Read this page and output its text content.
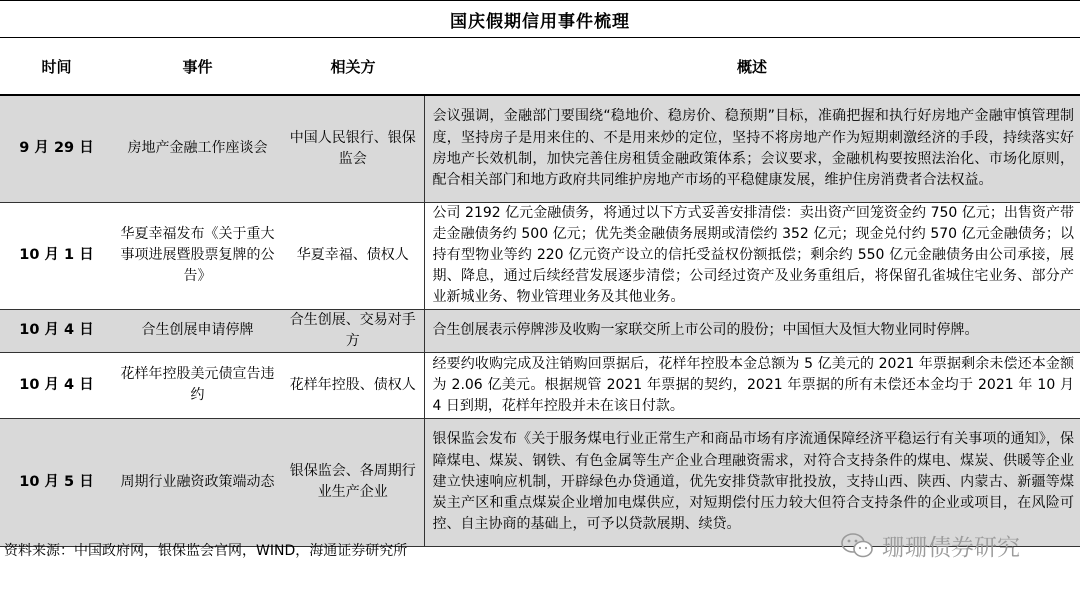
国庆假期信用事件梳理
时间	事件	相关方	概述
9 月 29 日	房地产金融工作座谈会	中国人民银行、银保监会	会议强调，金融部门要围绕“稳地价、稳房价、稳预期”目标，准确把握和执行好房地产金融审慎管理制度，坚持房子是用来住的、不是用来炒的定位，坚持不将房地产作为短期刺激经济的手段，持续落实好房地产长效机制，加快完善住房租赁金融政策体系；会议要求，金融机构要按照法治化、市场化原则，配合相关部门和地方政府共同维护房地产市场的平稳健康发展，维护住房消费者合法权益。
10 月 1 日	华夏幸福发布《关于重大事项进展暨股票复牌的公告》	华夏幸福、债权人	公司 2192 亿元金融债务，将通过以下方式妥善安排清偿：卖出资产回笼资金约 750 亿元；出售资产带走金融债务约 500 亿元；优先类金融债务展期或清偿约 352 亿元；现金兑付约 570 亿元金融债务；以持有型物业等约 220 亿元资产设立的信托受益权份额抵偿；剩余约 550 亿元金融债务由公司承接，展期、降息，通过后续经营发展逐步清偿；公司经过资产及业务重组后，将保留孔雀城住宅业务、部分产业新城业务、物业管理业务及其他业务。
10 月 4 日	合生创展申请停牌	合生创展、交易对手方	合生创展表示停牌涉及收购一家联交所上市公司的股份；中国恒大及恒大物业同时停牌。
10 月 4 日	花样年控股美元债宣告违约	花样年控股、债权人	经要约收购完成及注销购回票据后，花样年控股本金总额为 5 亿美元的 2021 年票据剩余未偿还本金额为 2.06 亿美元。根据规管 2021 年票据的契约，2021 年票据的所有未偿还本金均于 2021 年 10 月 4 日到期，花样年控股并未在该日付款。
10 月 5 日	周期行业融资政策端动态	银保监会、各周期行业生产企业	银保监会发布《关于服务煤电行业正常生产和商品市场有序流通保障经济平稳运行有关事项的通知》，保障煤电、煤炭、钢铁、有色金属等生产企业合理融资需求，对符合支持条件的煤电、煤炭、供暖等企业建立快速响应机制，开辟绿色办贷通道，优先安排贷款审批投放，支持山西、陕西、内蒙古、新疆等煤炭主产区和重点煤炭企业增加电煤供应，对短期偿付压力较大但符合支持条件的企业或项目，在风险可控、自主协商的基础上，可予以贷款展期、续贷。
资料来源：中国政府网，银保监会官网，WIND，海通证券研究所	珊珊债券研究
